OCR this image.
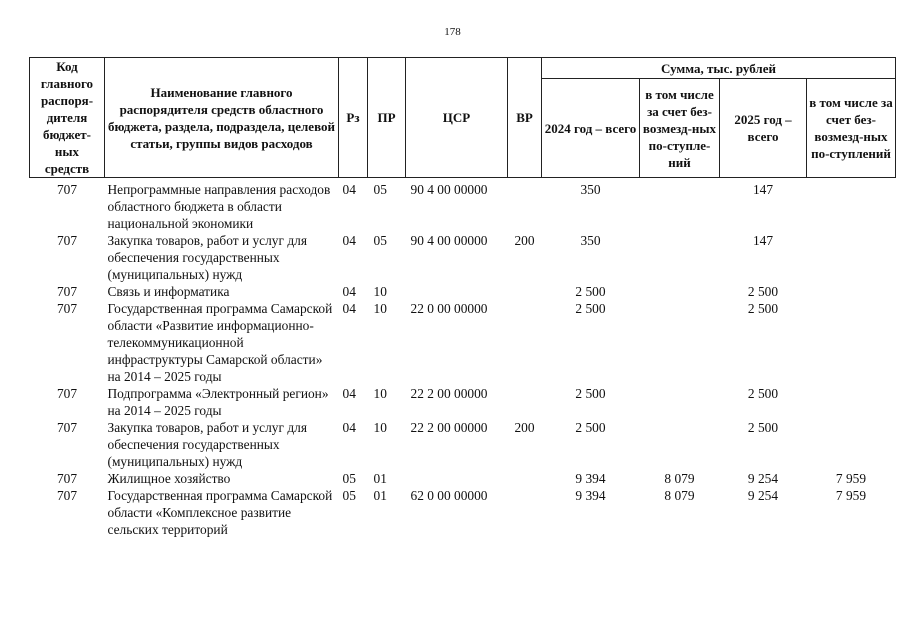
178
Код главного распоря-дителя бюджет-ных средств	Наименование главного распорядителя средств областного бюджета, раздела, подраздела, целевой статьи, группы видов расходов	Рз	ПР	ЦСР	ВР	Сумма, тыс. рублей			
						2024 год – всего	в том числе за счет без-возмезд-ных по-ступле-ний	2025 год – всего	в том числе за счет без-возмезд-ных по-ступлений
707	Непрограммные направления расходов областного бюджета в области национальной экономики	04	05	90 4 00 00000		350		147	
707	Закупка товаров, работ и услуг для обеспечения государственных (муниципальных) нужд	04	05	90 4 00 00000	200	350		147	
707	Связь и информатика	04	10			2 500		2 500	
707	Государственная программа Самарской области «Развитие информационно-телекоммуникационной инфраструктуры Самарской области» на 2014 – 2025 годы	04	10	22 0 00 00000		2 500		2 500	
707	Подпрограмма «Электронный регион» на 2014 – 2025 годы	04	10	22 2 00 00000		2 500		2 500	
707	Закупка товаров, работ и услуг для обеспечения государственных (муниципальных) нужд	04	10	22 2 00 00000	200	2 500		2 500	
707	Жилищное хозяйство	05	01			9 394	8 079	9 254	7 959
707	Государственная программа Самарской области «Комплексное развитие сельских территорий	05	01	62 0 00 00000		9 394	8 079	9 254	7 959
